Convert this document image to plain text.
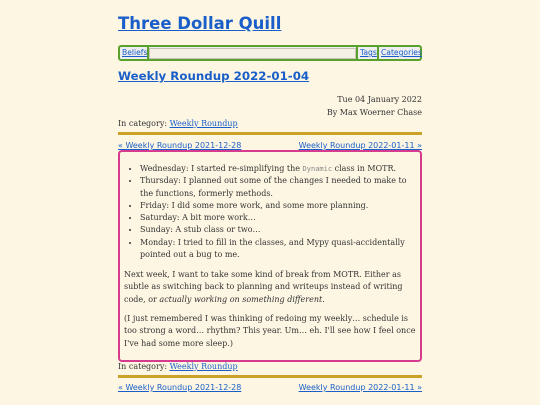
Three Dollar Quill
Beliefs	Tags Categories
Weekly Roundup 2022-01-04
Tue 04 January 2022
By Max Woerner Chase
In category: Weekly Roundup
« Weekly Roundup 2021-12-28	Weekly Roundup 2022-01-11 »
• Wednesday: I started re-simplifying the Dynamic class in MOTR.
• Thursday: I planned out some of the changes I needed to make to the functions, formerly methods.
• Friday: I did some more work, and some more planning.
• Saturday: A bit more work…
• Sunday: A stub class or two…
• Monday: I tried to fill in the classes, and Mypy quasi-accidentally pointed out a bug to me.
Next week, I want to take some kind of break from MOTR. Either as subtle as switching back to planning and writeups instead of writing code, or actually working on something different.
(I just remembered I was thinking of redoing my weekly… schedule is too strong a word… rhythm? This year. Um… eh. I'll see how I feel once I've had some more sleep.)
In category: Weekly Roundup
« Weekly Roundup 2021-12-28	Weekly Roundup 2022-01-11 »
